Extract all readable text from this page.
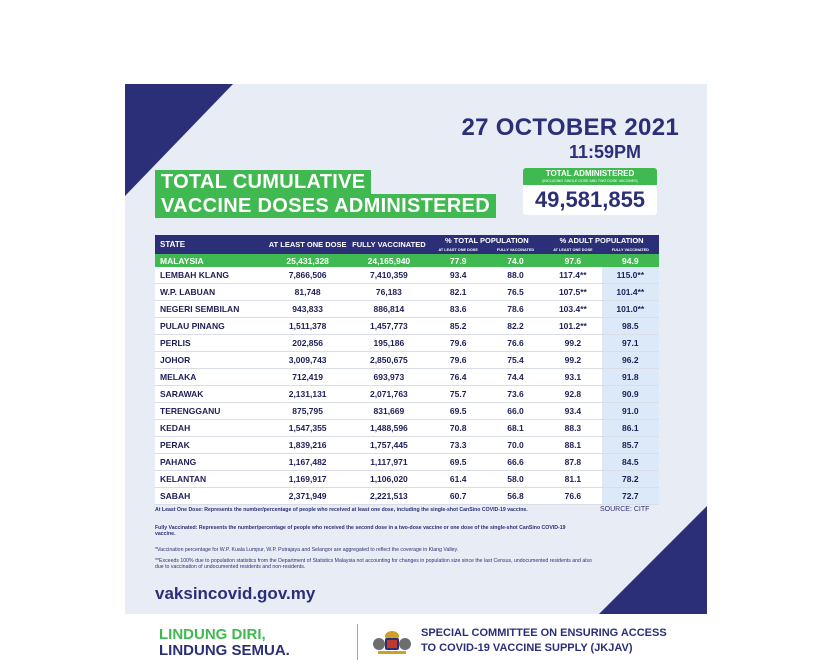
27 OCTOBER 2021
11:59PM
TOTAL CUMULATIVE
VACCINE DOSES ADMINISTERED
TOTAL ADMINISTERED
(INCLUDING SINGLE DOSE AND TWO DOSE VACCINES)
49,581,855
STATE	AT LEAST ONE DOSE	FULLY VACCINATED	% TOTAL POPULATION		% ADULT POPULATION	
			AT LEAST ONE DOSE	FULLY VACCINATED	AT LEAST ONE DOSE	FULLY VACCINATED
MALAYSIA	25,431,328	24,165,940	77.9	74.0	97.6	94.9
LEMBAH KLANG	7,866,506	7,410,359	93.4	88.0	117.4**	115.0**
W.P. LABUAN	81,748	76,183	82.1	76.5	107.5**	101.4**
NEGERI SEMBILAN	943,833	886,814	83.6	78.6	103.4**	101.0**
PULAU PINANG	1,511,378	1,457,773	85.2	82.2	101.2**	98.5
PERLIS	202,856	195,186	79.6	76.6	99.2	97.1
JOHOR	3,009,743	2,850,675	79.6	75.4	99.2	96.2
MELAKA	712,419	693,973	76.4	74.4	93.1	91.8
SARAWAK	2,131,131	2,071,763	75.7	73.6	92.8	90.9
TERENGGANU	875,795	831,669	69.5	66.0	93.4	91.0
KEDAH	1,547,355	1,488,596	70.8	68.1	88.3	86.1
PERAK	1,839,216	1,757,445	73.3	70.0	88.1	85.7
PAHANG	1,167,482	1,117,971	69.5	66.6	87.8	84.5
KELANTAN	1,169,917	1,106,020	61.4	58.0	81.1	78.2
SABAH	2,371,949	2,221,513	60.7	56.8	76.6	72.7
SOURCE: CITF
At Least One Dose: Represents the number/percentage of people who received at least one dose, including the single-shot CanSino COVID-19 vaccine.
Fully Vaccinated: Represents the number/percentage of people who received the second dose in a two-dose vaccine or one dose of the single-shot CanSino COVID-19 vaccine.
*Vaccination percentage for W.P. Kuala Lumpur, W.P. Putrajaya and Selangor are aggregated to reflect the coverage in Klang Valley.
**Exceeds 100% due to population statistics from the Department of Statistics Malaysia not accounting for changes in population size since the last Census, undocumented residents and also due to vaccination of undocumented residents and non-residents.
vaksincovid.gov.my
LINDUNG DIRI,
LINDUNG SEMUA.
SPECIAL COMMITTEE ON ENSURING ACCESS
TO COVID-19 VACCINE SUPPLY (JKJAV)
